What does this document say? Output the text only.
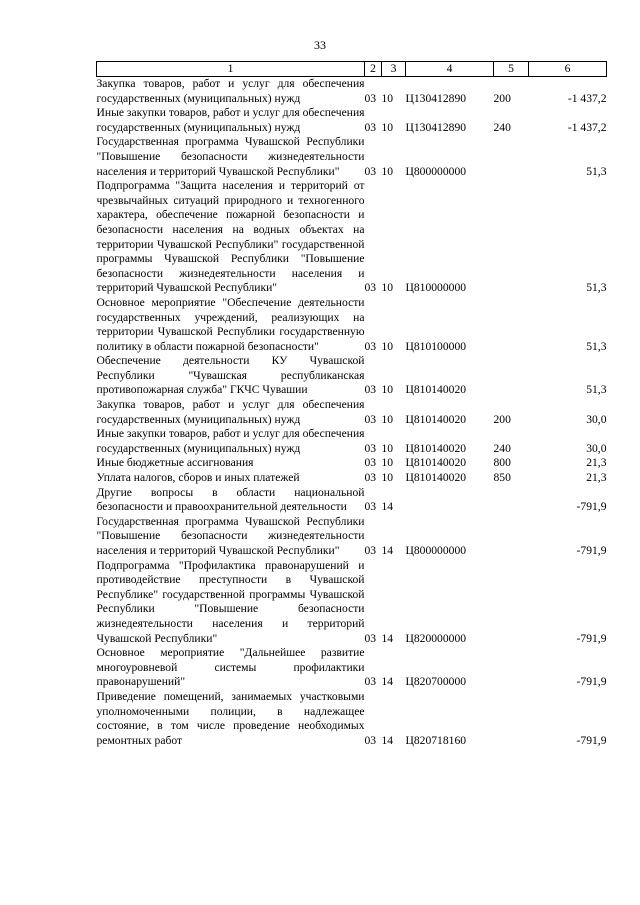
33
1	2	3	4	5	6
Закупка товаров, работ и услуг для обеспечения государственных (муниципальных) нужд	03	10	Ц130412890	200	-1 437,2
Иные закупки товаров, работ и услуг для обеспечения государственных (муниципальных) нужд	03	10	Ц130412890	240	-1 437,2
Государственная программа Чувашской Республики "Повышение безопасности жизнедеятельности населения и территорий Чувашской Республики"	03	10	Ц800000000		51,3
Подпрограмма "Защита населения и территорий от чрезвычайных ситуаций природного и техногенного характера, обеспечение пожарной безопасности и безопасности населения на водных объектах на территории Чувашской Республики" государственной программы Чувашской Республики "Повышение безопасности жизнедеятельности населения и территорий Чувашской Республики"	03	10	Ц810000000		51,3
Основное мероприятие "Обеспечение деятельности государственных учреждений, реализующих на территории Чувашской Республики государственную политику в области пожарной безопасности"	03	10	Ц810100000		51,3
Обеспечение деятельности КУ Чувашской Республики "Чувашская республиканская противопожарная служба" ГКЧС Чувашии	03	10	Ц810140020		51,3
Закупка товаров, работ и услуг для обеспечения государственных (муниципальных) нужд	03	10	Ц810140020	200	30,0
Иные закупки товаров, работ и услуг для обеспечения государственных (муниципальных) нужд	03	10	Ц810140020	240	30,0
Иные бюджетные ассигнования	03	10	Ц810140020	800	21,3
Уплата налогов, сборов и иных платежей	03	10	Ц810140020	850	21,3
Другие вопросы в области национальной безопасности и правоохранительной деятельности	03	14			-791,9
Государственная программа Чувашской Республики "Повышение безопасности жизнедеятельности населения и территорий Чувашской Республики"	03	14	Ц800000000		-791,9
Подпрограмма "Профилактика правонарушений и противодействие преступности в Чувашской Республике" государственной программы Чувашской Республики "Повышение безопасности жизнедеятельности населения и территорий Чувашской Республики"	03	14	Ц820000000		-791,9
Основное мероприятие "Дальнейшее развитие многоуровневой системы профилактики правонарушений"	03	14	Ц820700000		-791,9
Приведение помещений, занимаемых участковыми уполномоченными полиции, в надлежащее состояние, в том числе проведение необходимых ремонтных работ	03	14	Ц820718160		-791,9
